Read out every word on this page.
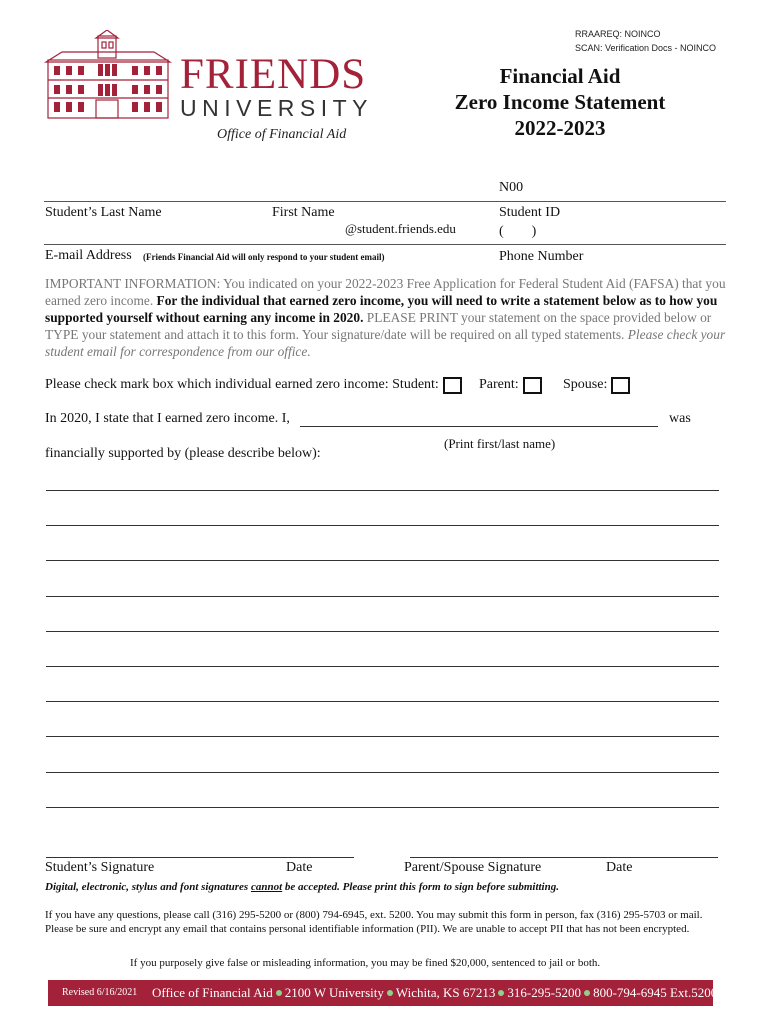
RRAAREQ: NOINCO
SCAN: Verification Docs - NOINCO
FRIENDS
UNIVERSITY
Office of Financial Aid
Financial Aid
Zero Income Statement
2022-2023
N00
Student’s Last Name	First Name	Student ID
@student.friends.edu	(        )
E-mail Address (Friends Financial Aid will only respond to your student email)	Phone Number
IMPORTANT INFORMATION: You indicated on your 2022-2023 Free Application for Federal Student Aid (FAFSA) that you earned zero income. For the individual that earned zero income, you will need to write a statement below as to how you supported yourself without earning any income in 2020. PLEASE PRINT your statement on the space provided below or TYPE your statement and attach it to this form. Your signature/date will be required on all typed statements. Please check your student email for correspondence from our office.
Please check mark box which individual earned zero income: Student:	Parent:	Spouse:
In 2020, I state that I earned zero income. I,	was
(Print first/last name)
financially supported by (please describe below):
Student’s Signature	Date	Parent/Spouse Signature	Date
Digital, electronic, stylus and font signatures cannot be accepted. Please print this form to sign before submitting.
If you have any questions, please call (316) 295-5200 or (800) 794-6945, ext. 5200. You may submit this form in person, fax (316) 295-5703 or mail. Please be sure and encrypt any email that contains personal identifiable information (PII). We are unable to accept PII that has not been encrypted.
If you purposely give false or misleading information, you may be fined $20,000, sentenced to jail or both.
Revised 6/16/2021 Office of Financial Aid 2100 W University Wichita, KS 67213 316-295-5200 800-794-6945 Ext.5200
